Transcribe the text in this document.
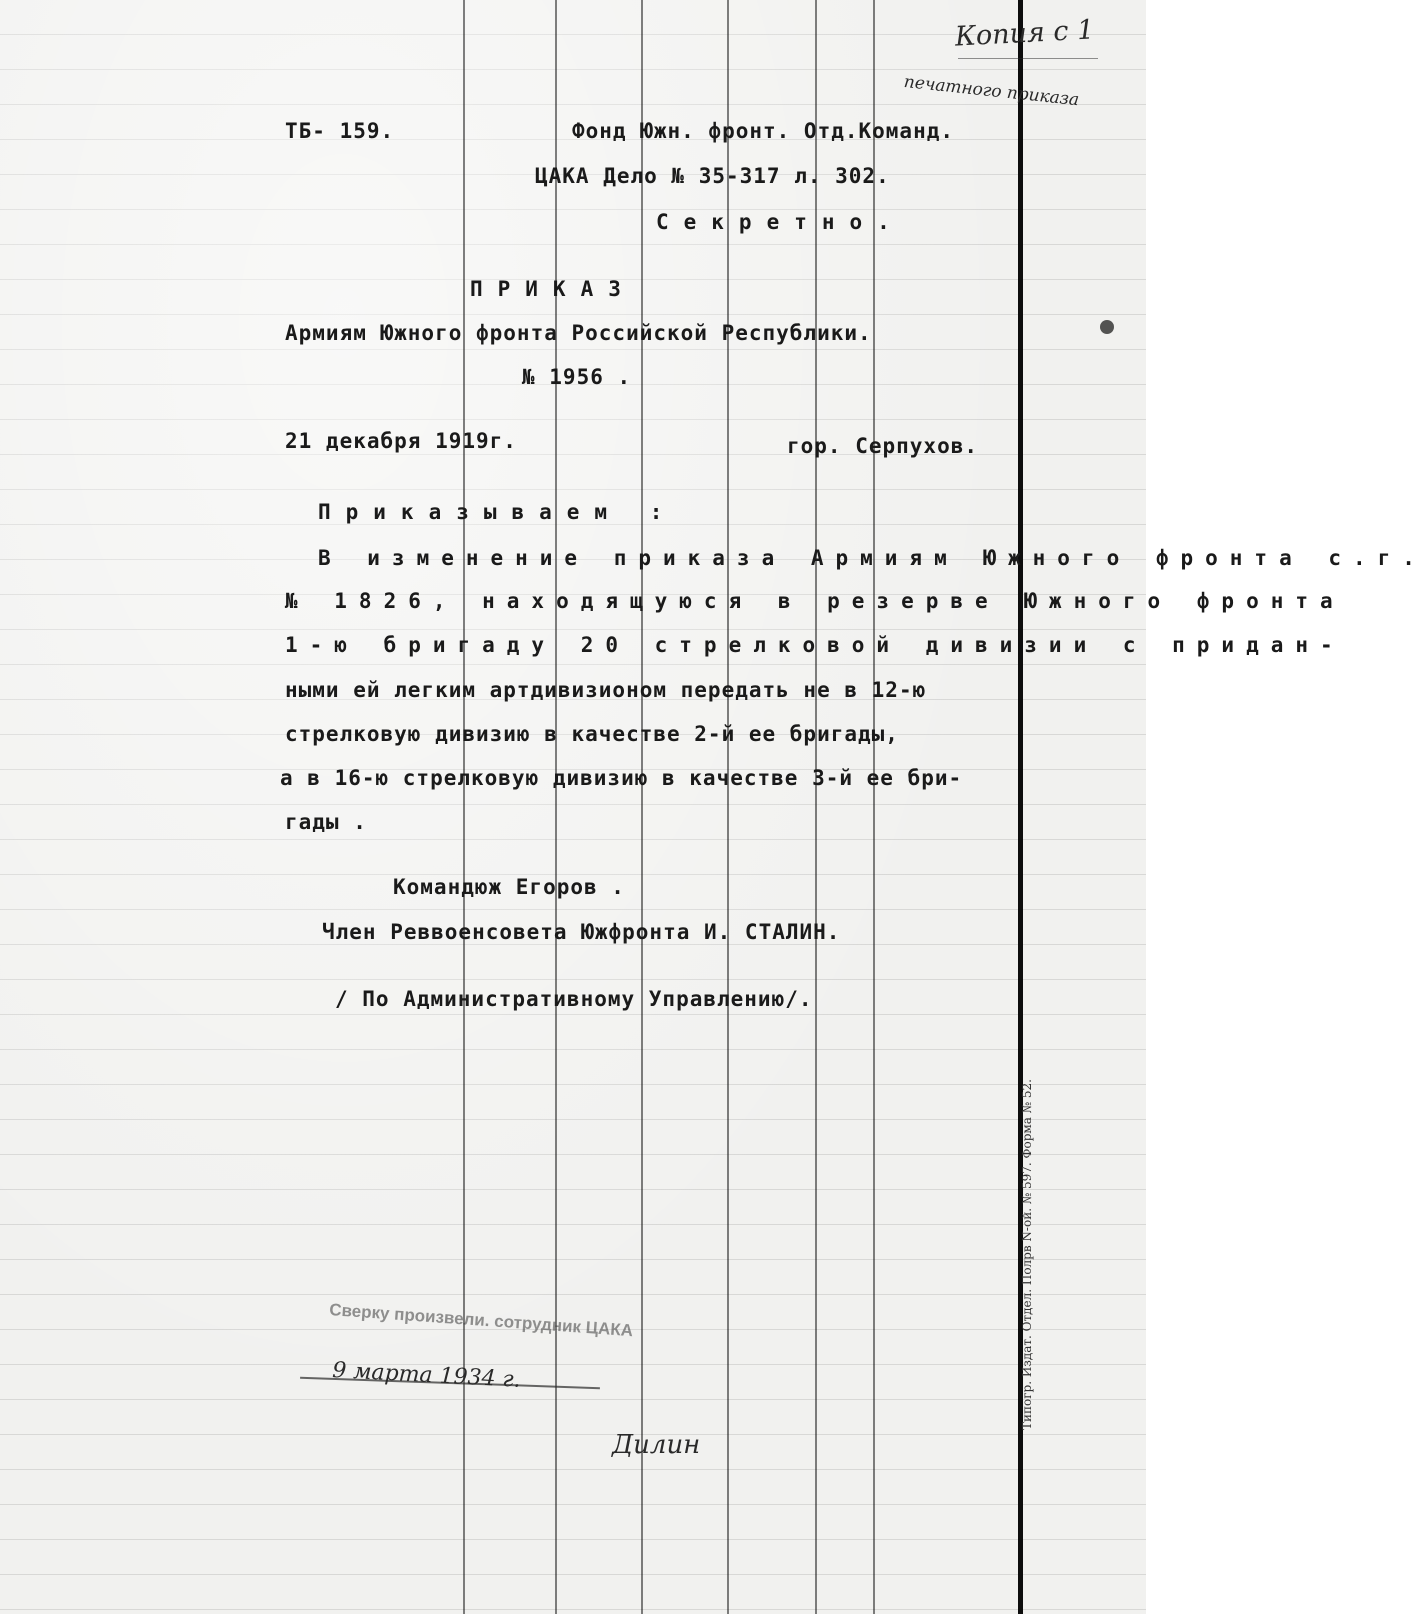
Копия с 1
печатного приказа
ТБ- 159.	Фонд Южн. фронт. Отд.Команд.
ЦАКА Дело № 35-317 л. 302.
Секретно.
ПРИКАЗ
Армиям Южного фронта Российской Республики.
№ 1956 .
21 декабря 1919г.	гор. Серпухов.
Приказываем :
В изменение приказа Армиям Южного фронта с.г.
№ 1826, находящуюся в резерве Южного фронта
1-ю бригаду 20 стрелковой дивизии с придан-
ными ей легким артдивизионом передать не в 12-ю
стрелковую дивизию в качестве 2-й ее бригады,
а в 16-ю стрелковую дивизию в качестве 3-й ее бри-
гады .
Командюж Егоров .
Член Реввоенсовета Южфронта И. СТАЛИН.
/ По Административному Управлению/.
Сверку произвели. сотрудник ЦАКА
9 марта 1934 г.
Дилин
Типогр. Издат. Отдел. Полрв N-ой. № 597. Форма № 52.
